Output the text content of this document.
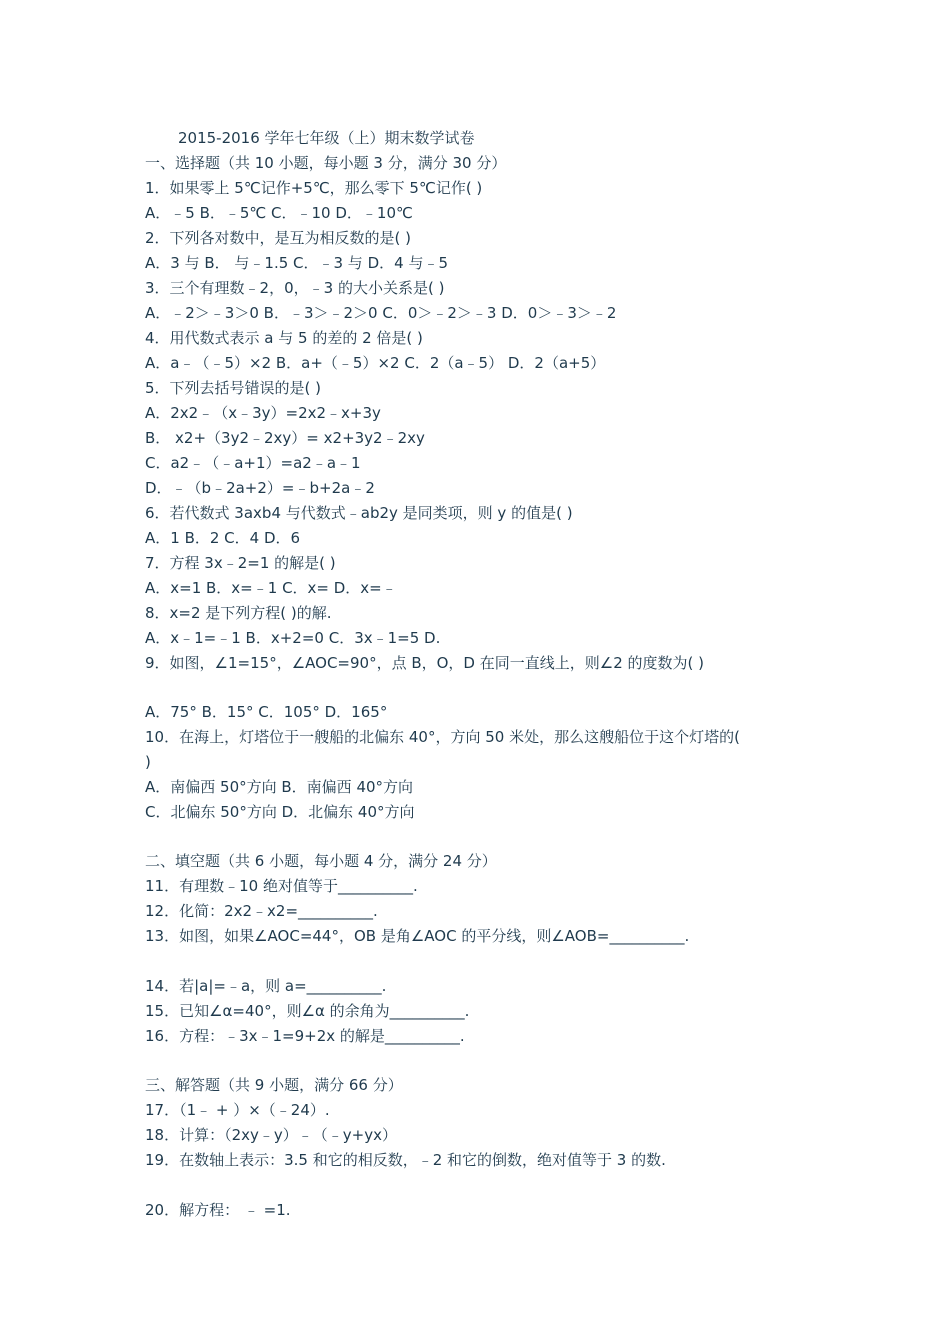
2015-2016 学年七年级（上）期末数学试卷
一、选择题（共 10 小题，每小题 3 分，满分 30 分）
1．如果零上 5℃记作+5℃，那么零下 5℃记作( )
A．﹣5 B．﹣5℃ C．﹣10 D．﹣10℃
2．下列各对数中，是互为相反数的是( )
A．3 与 B． 与﹣1.5 C．﹣3 与 D．4 与﹣5
3．三个有理数﹣2，0，﹣3 的大小关系是( )
A．﹣2＞﹣3＞0 B．﹣3＞﹣2＞0 C．0＞﹣2＞﹣3 D．0＞﹣3＞﹣2
4．用代数式表示 a 与 5 的差的 2 倍是( )
A．a﹣（﹣5）×2 B．a+（﹣5）×2 C．2（a﹣5） D．2（a+5）
5．下列去括号错误的是( )
A．2x2﹣（x﹣3y）=2x2﹣x+3y
B． x2+（3y2﹣2xy）= x2+3y2﹣2xy
C．a2﹣（﹣a+1）=a2﹣a﹣1
D．﹣（b﹣2a+2）=﹣b+2a﹣2
6．若代数式 3axb4 与代数式﹣ab2y 是同类项，则 y 的值是( )
A．1 B．2 C．4 D．6
7．方程 3x﹣2=1 的解是( )
A．x=1 B．x=﹣1 C．x= D．x=﹣
8．x=2 是下列方程( )的解.
A．x﹣1=﹣1 B．x+2=0 C．3x﹣1=5 D.
9．如图，∠1=15°，∠AOC=90°，点 B，O，D 在同一直线上，则∠2 的度数为( )
A．75° B．15° C．105° D．165°
10．在海上，灯塔位于一艘船的北偏东 40°，方向 50 米处，那么这艘船位于这个灯塔的(
)
A．南偏西 50°方向 B．南偏西 40°方向
C．北偏东 50°方向 D．北偏东 40°方向
二、填空题（共 6 小题，每小题 4 分，满分 24 分）
11．有理数﹣10 绝对值等于__________.
12．化简：2x2﹣x2=__________.
13．如图，如果∠AOC=44°，OB 是角∠AOC 的平分线，则∠AOB=__________.
14．若|a|=﹣a，则 a=__________.
15．已知∠α=40°，则∠α 的余角为__________.
16．方程：﹣3x﹣1=9+2x 的解是__________.
三、解答题（共 9 小题，满分 66 分）
17．（1﹣ + ）×（﹣24）.
18．计算：（2xy﹣y）﹣（﹣y+yx）
19．在数轴上表示：3.5 和它的相反数，﹣2 和它的倒数，绝对值等于 3 的数.
20．解方程： ﹣ =1.
